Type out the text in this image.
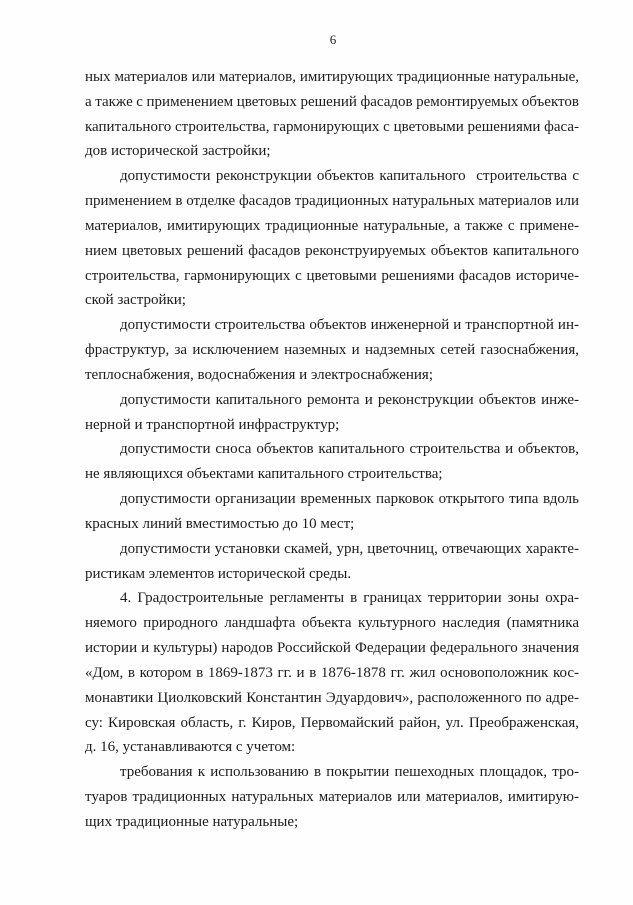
6
ных материалов или материалов, имитирующих традиционные натуральные,
а также с применением цветовых решений фасадов ремонтируемых объектов
капитального строительства, гармонирующих с цветовыми решениями фаса-
дов исторической застройки;
допустимости реконструкции объектов капитального  строительства с
применением в отделке фасадов традиционных натуральных материалов или
материалов, имитирующих традиционные натуральные, а также с примене-
нием цветовых решений фасадов реконструируемых объектов капитального
строительства, гармонирующих с цветовыми решениями фасадов историче-
ской застройки;
допустимости строительства объектов инженерной и транспортной ин-
фраструктур, за исключением наземных и надземных сетей газоснабжения,
теплоснабжения, водоснабжения и электроснабжения;
допустимости капитального ремонта и реконструкции объектов инже-
нерной и транспортной инфраструктур;
допустимости сноса объектов капитального строительства и объектов,
не являющихся объектами капитального строительства;
допустимости организации временных парковок открытого типа вдоль
красных линий вместимостью до 10 мест;
допустимости установки скамей, урн, цветочниц, отвечающих характе-
ристикам элементов исторической среды.
4. Градостроительные регламенты в границах территории зоны охра-
няемого природного ландшафта объекта культурного наследия (памятника
истории и культуры) народов Российской Федерации федерального значения
«Дом, в котором в 1869-1873 гг. и в 1876-1878 гг. жил основоположник кос-
монавтики Циолковский Константин Эдуардович», расположенного по адре-
су: Кировская область, г. Киров, Первомайский район, ул. Преображенская,
д. 16, устанавливаются с учетом:
требования к использованию в покрытии пешеходных площадок, тро-
туаров традиционных натуральных материалов или материалов, имитирую-
щих традиционные натуральные;
